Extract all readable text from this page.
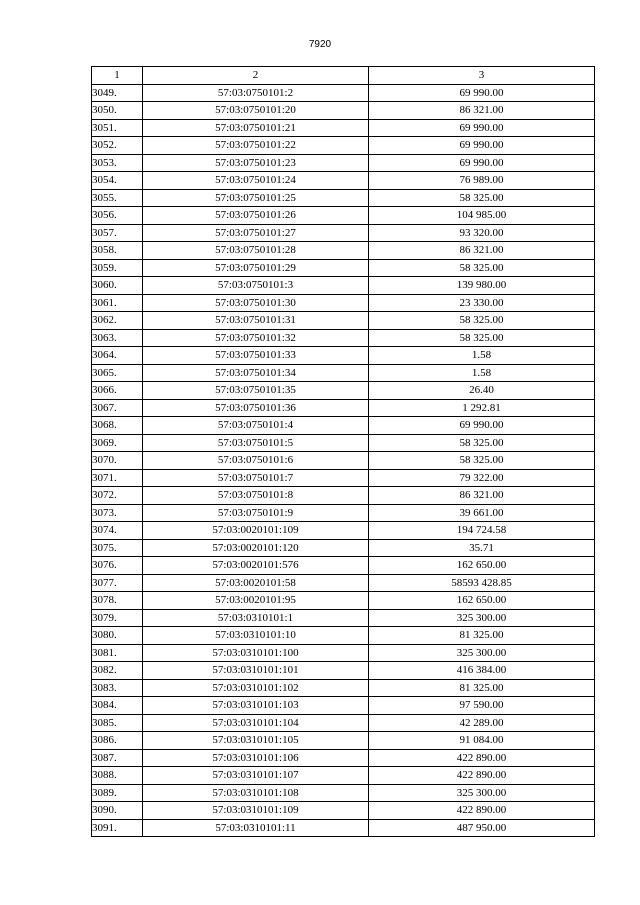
7920
1	2	3
3049.	57:03:0750101:2	69 990.00
3050.	57:03:0750101:20	86 321.00
3051.	57:03:0750101:21	69 990.00
3052.	57:03:0750101:22	69 990.00
3053.	57:03:0750101:23	69 990.00
3054.	57:03:0750101:24	76 989.00
3055.	57:03:0750101:25	58 325.00
3056.	57:03:0750101:26	104 985.00
3057.	57:03:0750101:27	93 320.00
3058.	57:03:0750101:28	86 321.00
3059.	57:03:0750101:29	58 325.00
3060.	57:03:0750101:3	139 980.00
3061.	57:03:0750101:30	23 330.00
3062.	57:03:0750101:31	58 325.00
3063.	57:03:0750101:32	58 325.00
3064.	57:03:0750101:33	1.58
3065.	57:03:0750101:34	1.58
3066.	57:03:0750101:35	26.40
3067.	57:03:0750101:36	1 292.81
3068.	57:03:0750101:4	69 990.00
3069.	57:03:0750101:5	58 325.00
3070.	57:03:0750101:6	58 325.00
3071.	57:03:0750101:7	79 322.00
3072.	57:03:0750101:8	86 321.00
3073.	57:03:0750101:9	39 661.00
3074.	57:03:0020101:109	194 724.58
3075.	57:03:0020101:120	35.71
3076.	57:03:0020101:576	162 650.00
3077.	57:03:0020101:58	58593 428.85
3078.	57:03:0020101:95	162 650.00
3079.	57:03:0310101:1	325 300.00
3080.	57:03:0310101:10	81 325.00
3081.	57:03:0310101:100	325 300.00
3082.	57:03:0310101:101	416 384.00
3083.	57:03:0310101:102	81 325.00
3084.	57:03:0310101:103	97 590.00
3085.	57:03:0310101:104	42 289.00
3086.	57:03:0310101:105	91 084.00
3087.	57:03:0310101:106	422 890.00
3088.	57:03:0310101:107	422 890.00
3089.	57:03:0310101:108	325 300.00
3090.	57:03:0310101:109	422 890.00
3091.	57:03:0310101:11	487 950.00
